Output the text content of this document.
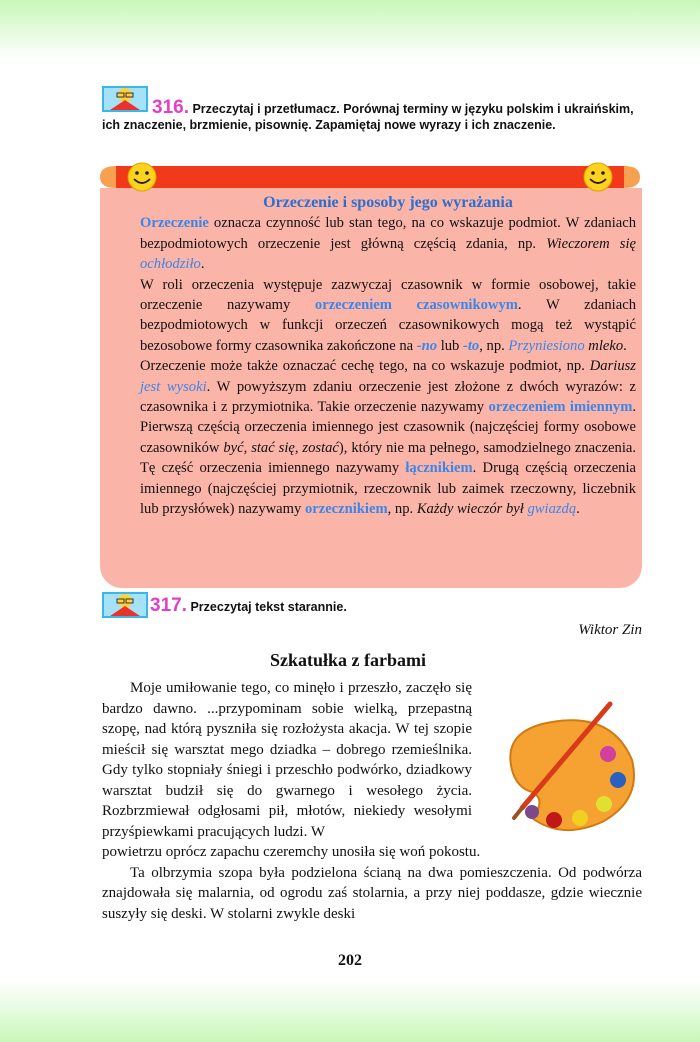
316. Przeczytaj i przetłumacz. Porównaj terminy w języku polskim i ukraińskim, ich znaczenie, brzmienie, pisownię. Zapamiętaj nowe wyrazy i ich znaczenie.
Orzeczenie i sposoby jego wyrażania

Orzeczenie oznacza czynność lub stan tego, na co wskazuje podmiot. W zdaniach bezpodmiotowych orzeczenie jest główną częścią zdania, np. Wieczorem się ochłodziło.

W roli orzeczenia występuje zazwyczaj czasownik w formie osobowej, takie orzeczenie nazywamy orzeczeniem czasownikowym. W zdaniach bezpodmiotowych w funkcji orzeczeń czasownikowych mogą też wystąpić bezosobowe formy czasownika zakończone na -no lub -to, np. Przyniesiono mleko.

Orzeczenie może także oznaczać cechę tego, na co wskazuje podmiot, np. Dariusz jest wysoki. W powyższym zdaniu orzeczenie jest złożone z dwóch wyrazów: z czasownika i z przymiotnika. Takie orzeczenie nazywamy orzeczeniem imiennym. Pierwszą częścią orzeczenia imiennego jest czasownik (najczęściej formy osobowe czasowników być, stać się, zostać), który nie ma pełnego, samodzielnego znaczenia. Tę część orzeczenia imiennego nazywamy łącznikiem. Drugą częścią orzeczenia imiennego (najczęściej przymiotnik, rzeczownik lub zaimek rzeczowny, liczebnik lub przysłówek) nazywamy orzecznikiem, np. Każdy wieczór był gwiazdą.

317. Przeczytaj tekst starannie.
Wiktor Zin
Szkatułka z farbami
Moje umiłowanie tego, co minęło i przeszło, zaczęło się bardzo dawno. ...przypominam sobie wielką, przepastną szopę, nad którą pyszniła się rozłożysta akacja. W tej szopie mieścił się warsztat mego dziadka – dobrego rzemieślnika. Gdy tylko stopniały śniegi i przeschło podwórko, dziadkowy warsztat budził się do gwarnego i wesołego życia. Rozbrzmiewał odgłosami pił, młotów, niekiedy wesołymi przyśpiewkami pracujących ludzi. W
powietrzu oprócz zapachu czeremchy unosiła się woń pokostu.
Ta olbrzymia szopa była podzielona ścianą na dwa pomieszczenia. Od podwórza znajdowała się malarnia, od ogrodu zaś stolarnia, a przy niej poddasze, gdzie wiecznie suszyły się deski. W stolarni zwykle deski
202
